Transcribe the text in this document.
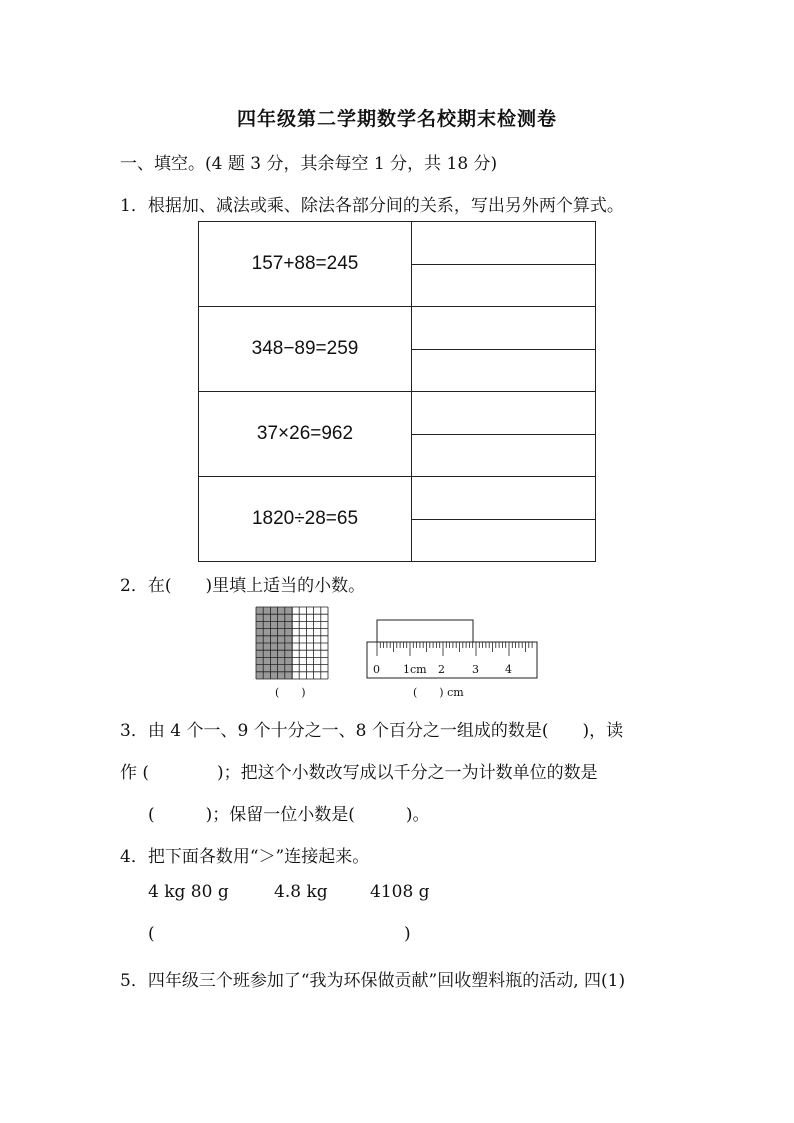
四年级第二学期数学名校期末检测卷
一、填空。(4 题 3 分，其余每空 1 分，共 18 分)
1．根据加、减法或乘、除法各部分间的关系，写出另外两个算式。
157+88=245	

348−89=259	

37×26=962	

1820÷28=65	

2．在(　　)里填上适当的小数。
(　　)
0 1cm 2 3 4
(　　) cm
3．由 4 个一、9 个十分之一、8 个百分之一组成的数是(　　)，读
作 (　　　　)；把这个小数改写成以千分之一为计数单位的数是
(　　　)；保留一位小数是(　　　)。
4．把下面各数用“＞”连接起来。
4 kg 80 g	4.8 kg 4108 g
(	)
5．四年级三个班参加了“我为环保做贡献”回收塑料瓶的活动, 四(1)
